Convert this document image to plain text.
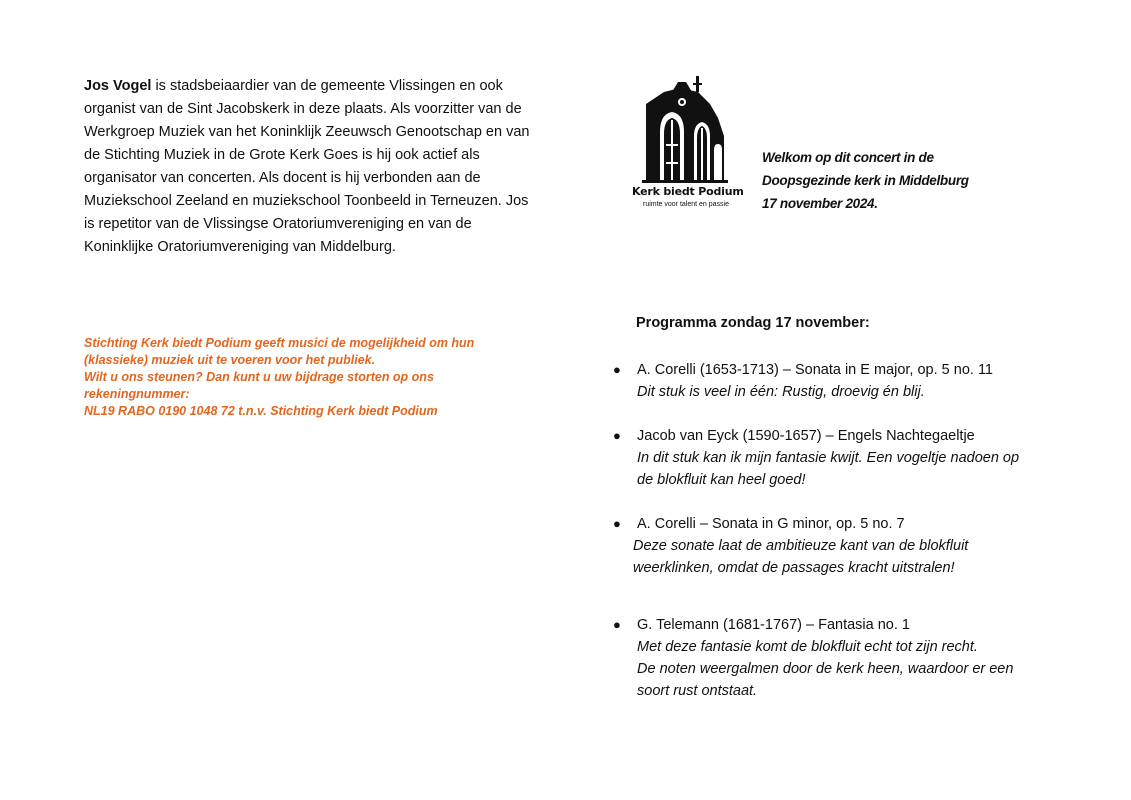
Jos Vogel is stadsbeiaardier van de gemeente Vlissingen en ook
organist van de Sint Jacobskerk in deze plaats. Als voorzitter van de
Werkgroep Muziek van het Koninklijk Zeeuwsch Genootschap en van
de Stichting Muziek in de Grote Kerk Goes is hij ook actief als
organisator van concerten. Als docent is hij verbonden aan de
Muziekschool Zeeland en muziekschool Toonbeeld in Terneuzen. Jos
is repetitor van de Vlissingse Oratoriumvereniging en van de
Koninklijke Oratoriumvereniging van Middelburg.
Stichting Kerk biedt Podium geeft musici de mogelijkheid om hun
(klassieke) muziek uit te voeren voor het publiek.
Wilt u ons steunen? Dan kunt u uw bijdrage storten op ons
rekeningnummer:
NL19 RABO 0190 1048 72 t.n.v. Stichting Kerk biedt Podium
Kerk biedt Podium
ruimte voor talent en passie
Welkom op dit concert in de
Doopsgezinde kerk in Middelburg
17 november 2024.
Programma zondag 17 november:
● A. Corelli (1653-1713) – Sonata in E major, op. 5 no. 11
Dit stuk is veel in één: Rustig, droevig én blij.
● Jacob van Eyck (1590-1657) – Engels Nachtegaeltje
In dit stuk kan ik mijn fantasie kwijt. Een vogeltje nadoen op
de blokfluit kan heel goed!
● A. Corelli – Sonata in G minor, op. 5 no. 7
Deze sonate laat de ambitieuze kant van de blokfluit
weerklinken, omdat de passages kracht uitstralen!
● G. Telemann (1681-1767) – Fantasia no. 1
Met deze fantasie komt de blokfluit echt tot zijn recht.
De noten weergalmen door de kerk heen, waardoor er een
soort rust ontstaat.
